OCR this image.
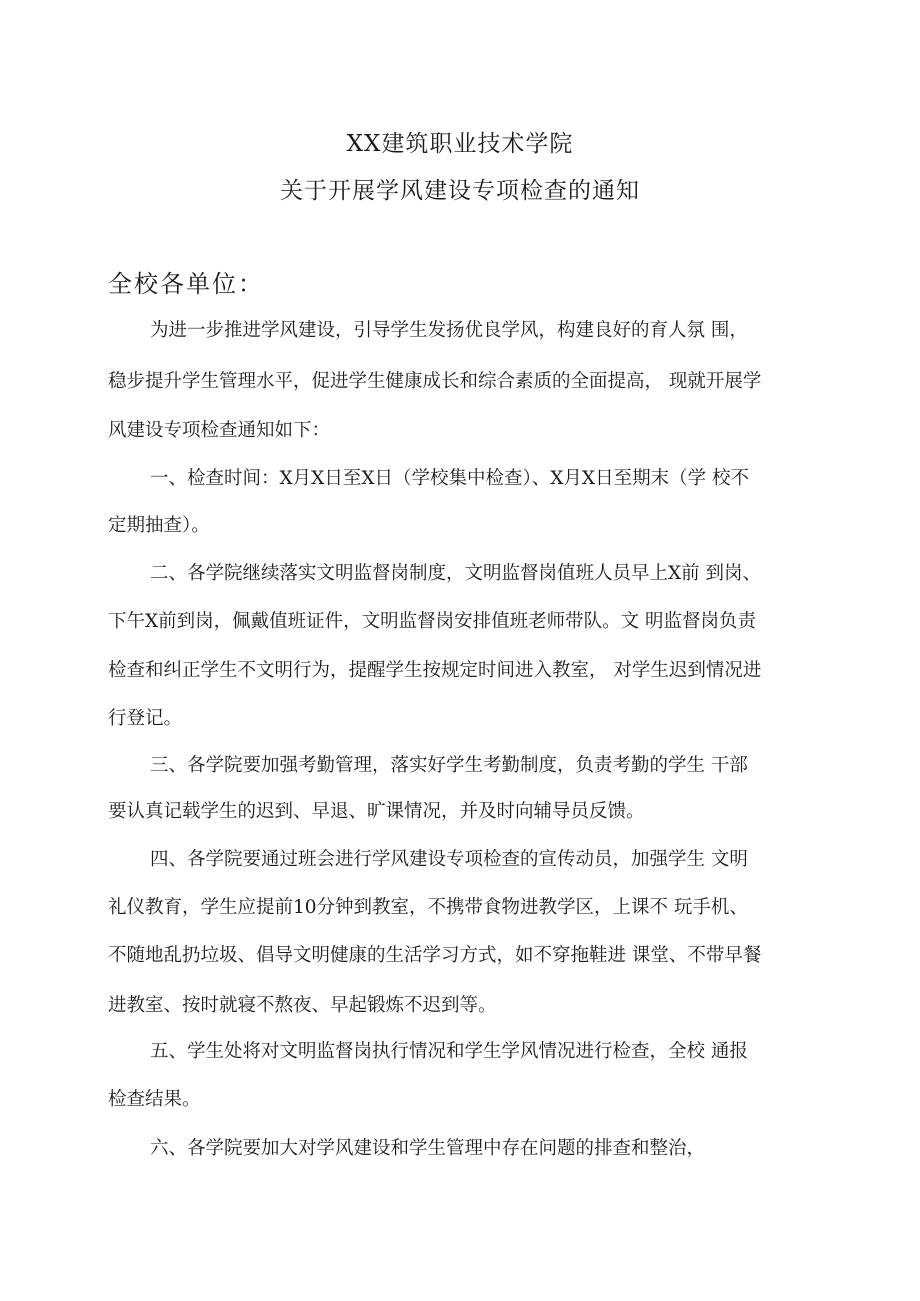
XX建筑职业技术学院
关于开展学风建设专项检查的通知
全校各单位：
为进一步推进学风建设，引导学生发扬优良学风，构建良好的育人氛 围，
稳步提升学生管理水平，促进学生健康成长和综合素质的全面提高， 现就开展学
风建设专项检查通知如下：
一、检查时间：X月X日至X日（学校集中检查）、X月X日至期末（学 校不
定期抽查）。
二、各学院继续落实文明监督岗制度，文明监督岗值班人员早上X前 到岗、
下午X前到岗，佩戴值班证件，文明监督岗安排值班老师带队。文 明监督岗负责
检查和纠正学生不文明行为，提醒学生按规定时间进入教室， 对学生迟到情况进
行登记。
三、各学院要加强考勤管理，落实好学生考勤制度，负责考勤的学生 干部
要认真记载学生的迟到、早退、旷课情况，并及时向辅导员反馈。
四、各学院要通过班会进行学风建设专项检查的宣传动员，加强学生 文明
礼仪教育，学生应提前10分钟到教室，不携带食物进教学区，上课不 玩手机、
不随地乱扔垃圾、倡导文明健康的生活学习方式，如不穿拖鞋进 课堂、不带早餐
进教室、按时就寝不熬夜、早起锻炼不迟到等。
五、学生处将对文明监督岗执行情况和学生学风情况进行检查，全校 通报
检查结果。
六、各学院要加大对学风建设和学生管理中存在问题的排查和整治，
